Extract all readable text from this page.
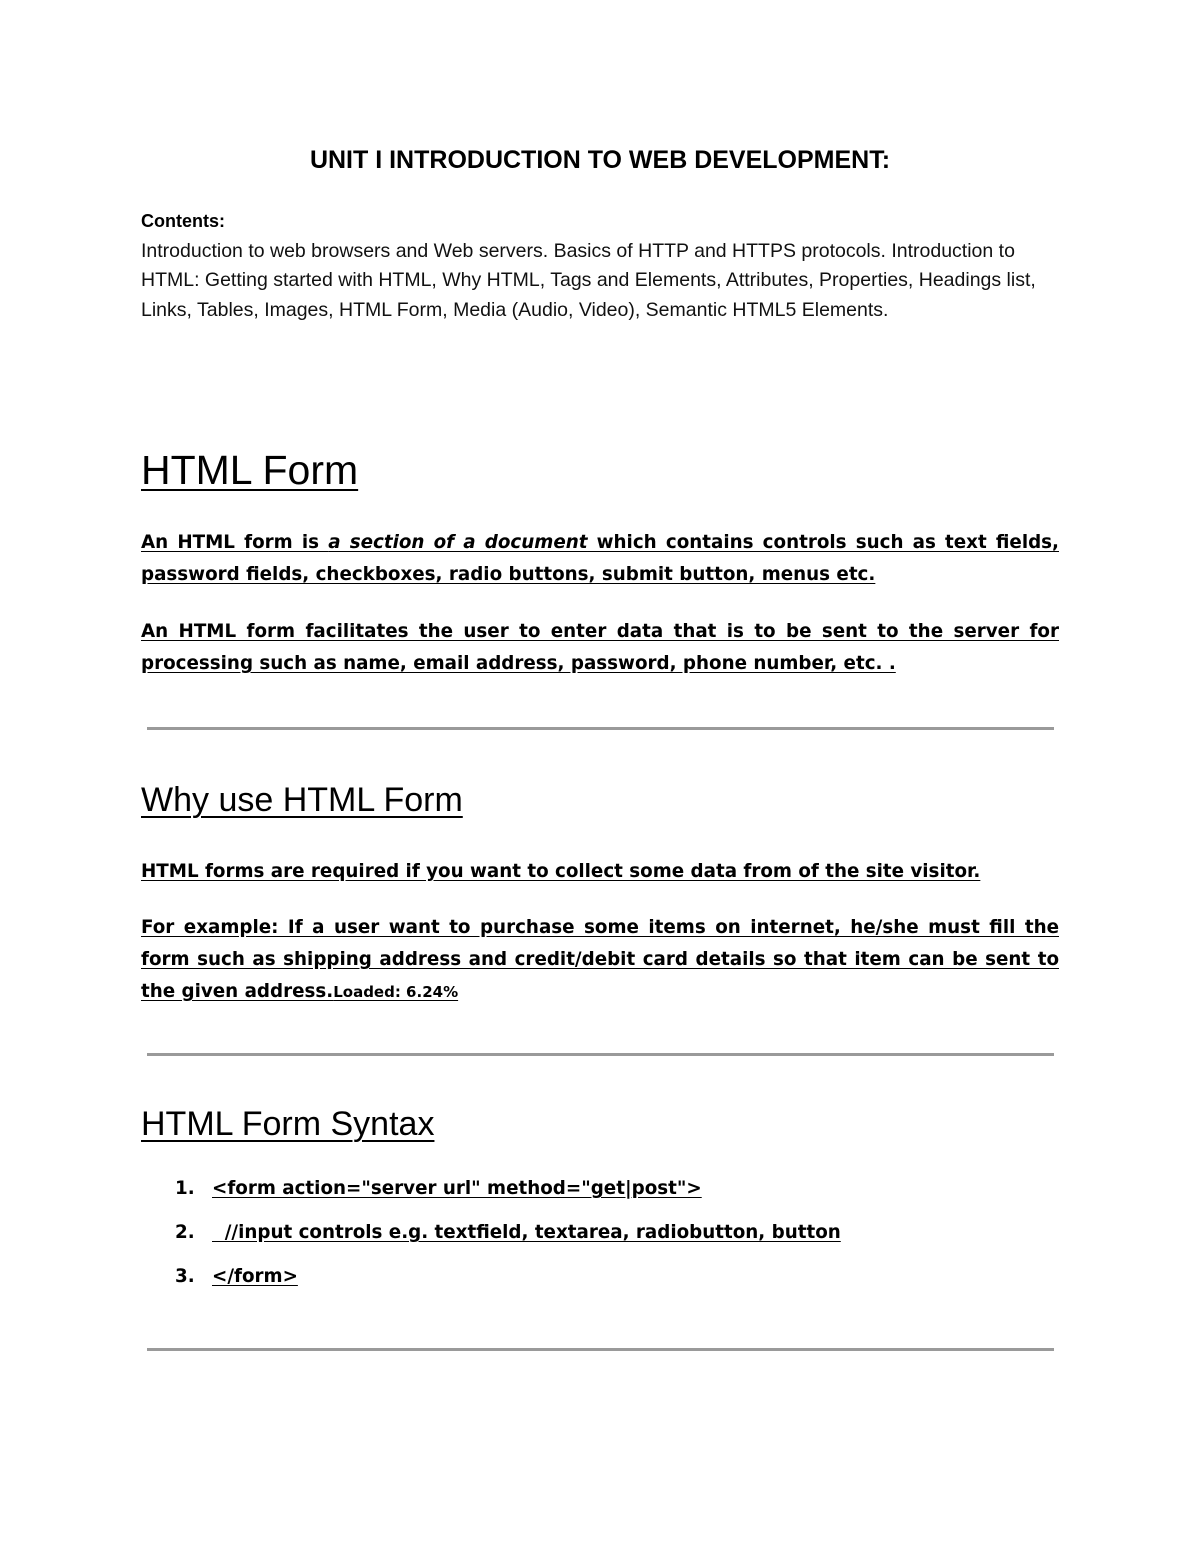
UNIT I INTRODUCTION TO WEB DEVELOPMENT:
Contents:
Introduction to web browsers and Web servers. Basics of HTTP and HTTPS protocols. Introduction to HTML: Getting started with HTML, Why HTML, Tags and Elements, Attributes, Properties, Headings list, Links, Tables, Images, HTML Form, Media (Audio, Video), Semantic HTML5 Elements.
HTML Form

An HTML form is a section of a document which contains controls such as text fields, password fields, checkboxes, radio buttons, submit button, menus etc.

An HTML form facilitates the user to enter data that is to be sent to the server for processing such as name, email address, password, phone number, etc. .

Why use HTML Form

HTML forms are required if you want to collect some data from of the site visitor.

For example: If a user want to purchase some items on internet, he/she must fill the form such as shipping address and credit/debit card details so that item can be sent to the given address.Loaded: 6.24%

HTML Form Syntax
1. <form action="server url" method="get|post">
2. //input controls e.g. textfield, textarea, radiobutton, button
3. </form>
